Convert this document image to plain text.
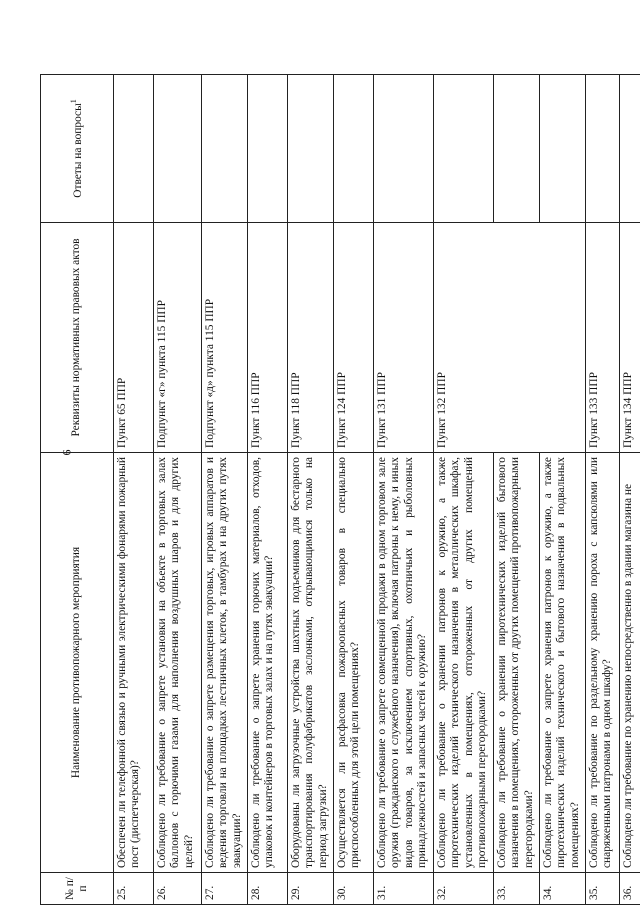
6
№ п/п	Наименование противопожарного мероприятия	Реквизиты нормативных правовых актов	Ответы на вопросы$^1$
25.	Обеспечен ли телефонной связью и ручными электрическими фонарями пожарный пост (диспетчерская)?	Пункт 65 ППР	
26.	Соблюдено ли требование о запрете установки на объекте в торговых залах баллонов с горючими газами для наполнения воздушных шаров и для других целей?	Подпункт «г» пункта 115 ППР	
27.	Соблюдено ли требование о запрете размещения торговых, игровых аппаратов и ведения торговли на площадках лестничных клеток, в тамбурах и на других путях эвакуации?	Подпункт «д» пункта 115 ППР	
28.	Соблюдено ли требование о запрете хранения горючих материалов, отходов, упаковок и контейнеров в торговых залах и на путях эвакуации?	Пункт 116 ППР	
29.	Оборудованы ли загрузочные устройства шахтных подъемников для бестарного транспортирования полуфабрикатов заслонками, открывающимися только на период загрузки?	Пункт 118 ППР	
30.	Осуществляется ли расфасовка пожароопасных товаров в специально приспособленных для этой цели помещениях?	Пункт 124 ППР	
31.	Соблюдено ли требование о запрете совмещенной продажи в одном торговом зале оружия (гражданского и служебного назначения), включая патроны к нему, и иных видов товаров, за исключением спортивных, охотничьих и рыболовных принадлежностей и запасных частей к оружию?	Пункт 131 ППР	
32.	Соблюдено ли требование о хранении патронов к оружию, а также пиротехнических изделий технического назначения в металлических шкафах, установленных в помещениях, отгороженных от других помещений противопожарными перегородками?	Пункт 132 ППР	
33.	Соблюдено ли требование о хранении пиротехнических изделий бытового назначения в помещениях, отгороженных от других помещений противопожарными перегородками?		
34.	Соблюдено ли требование о запрете хранения патронов к оружию, а также пиротехнических изделий технического и бытового назначения в подвальных помещениях?		
35.	Соблюдено ли требование по раздельному хранению пороха с капсюлями или снаряженными патронами в одном шкафу?	Пункт 133 ППР	
36.	Соблюдено ли требование по хранению непосредственно в здании магазина не	Пункт 134 ППР	
